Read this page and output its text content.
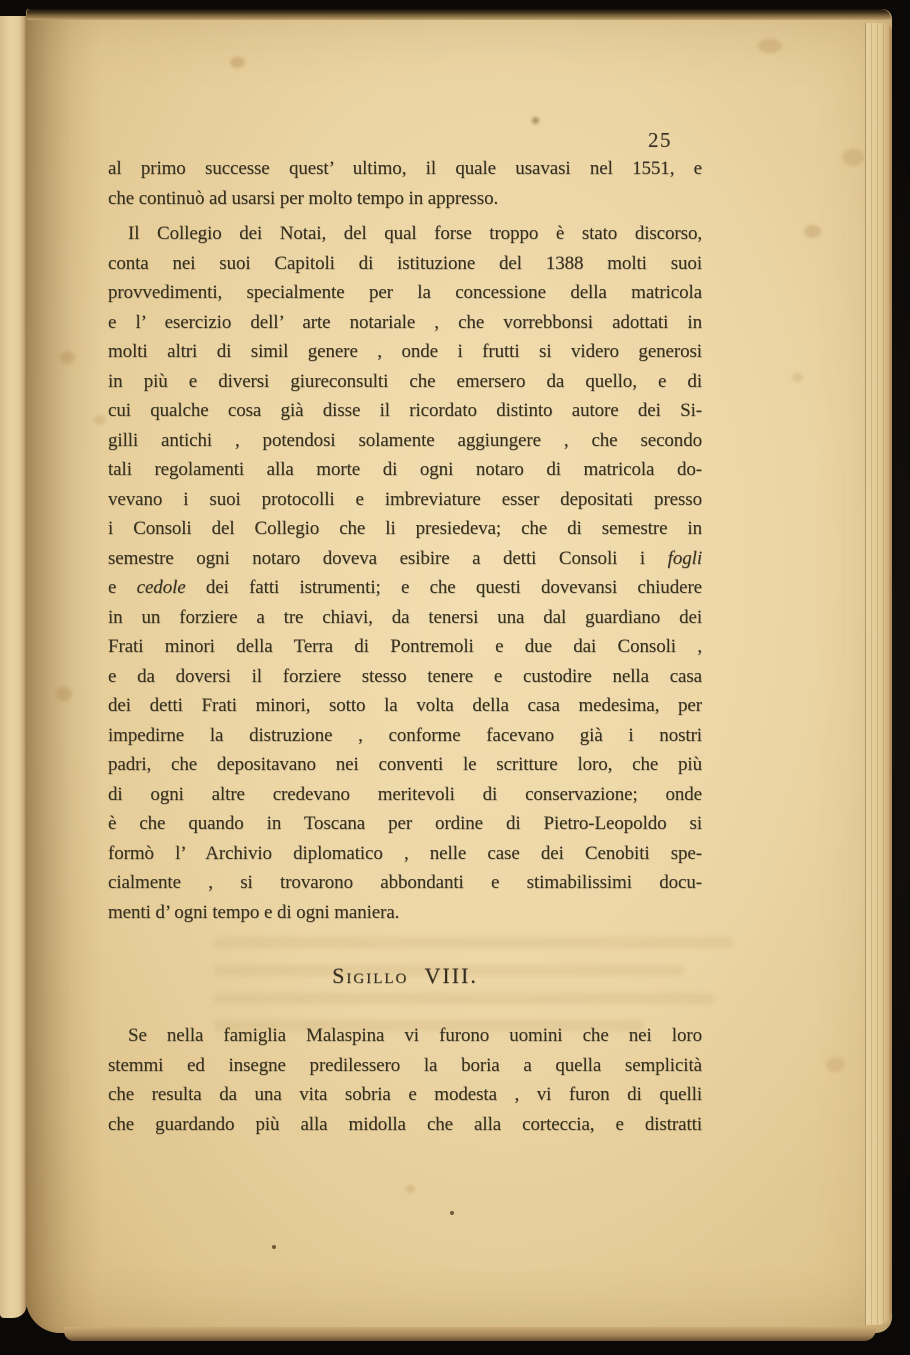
25
al primo successe quest’ ultimo, il quale usavasi nel 1551, e
che continuò ad usarsi per molto tempo in appresso.
Il Collegio dei Notai, del qual forse troppo è stato discorso,
conta nei suoi Capitoli di istituzione del 1388 molti suoi
provvedimenti, specialmente per la concessione della matricola
e l’ esercizio dell’ arte notariale , che vorrebbonsi adottati in
molti altri di simil genere , onde i frutti si videro generosi
in più e diversi giureconsulti che emersero da quello, e di
cui qualche cosa già disse il ricordato distinto autore dei Si-
gilli antichi , potendosi solamente aggiungere , che secondo
tali regolamenti alla morte di ogni notaro di matricola do-
vevano i suoi protocolli e imbreviature esser depositati presso
i Consoli del Collegio che li presiedeva; che di semestre in
semestre ogni notaro doveva esibire a detti Consoli i fogli
e cedole dei fatti istrumenti; e che questi dovevansi chiudere
in un forziere a tre chiavi, da tenersi una dal guardiano dei
Frati minori della Terra di Pontremoli e due dai Consoli ,
e da doversi il forziere stesso tenere e custodire nella casa
dei detti Frati minori, sotto la volta della casa medesima, per
impedirne la distruzione , conforme facevano già i nostri
padri, che depositavano nei conventi le scritture loro, che più
di ogni altre credevano meritevoli di conservazione; onde
è che quando in Toscana per ordine di Pietro-Leopoldo si
formò l’ Archivio diplomatico , nelle case dei Cenobiti spe-
cialmente , si trovarono abbondanti e stimabilissimi docu-
menti d’ ogni tempo e di ogni maniera.
Sigillo VIII.
Se nella famiglia Malaspina vi furono uomini che nei loro
stemmi ed insegne predilessero la boria a quella semplicità
che resulta da una vita sobria e modesta , vi furon di quelli
che guardando più alla midolla che alla corteccia, e distratti
